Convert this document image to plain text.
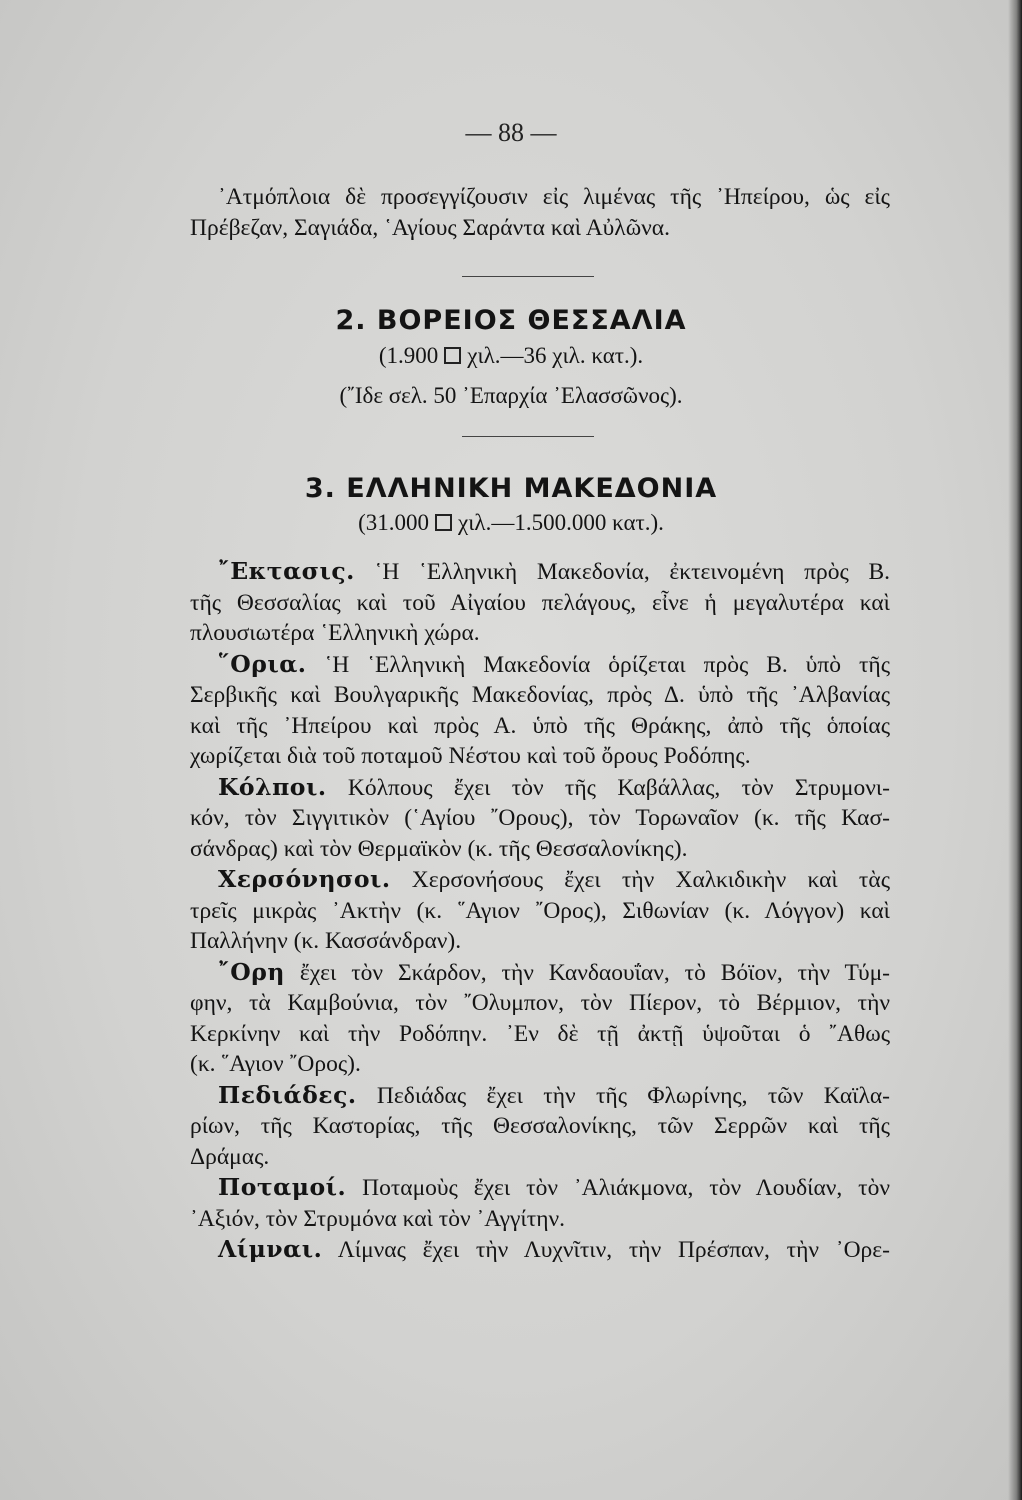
— 88 —
᾿Ατμόπλοια δὲ προσεγγίζουσιν εἰς λιμένας τῆς ᾿Ηπείρου, ὡς εἰς
Πρέβεζαν, Σαγιάδα, ῾Αγίους Σαράντα καὶ Αὐλῶνα.
2. ΒΟΡΕΙΟΣ ΘΕΣΣΑΛΙΑ
(1.900 χιλ.—36 χιλ. κατ.).
(῎Ιδε σελ. 50 ᾿Επαρχία ᾿Ελασσῶνος).
3. ΕΛΛΗΝΙΚΗ ΜΑΚΕΔΟΝΙΑ
(31.000 χιλ.—1.500.000 κατ.).
῎Εκτασις. ῾Η ῾Ελληνικὴ Μακεδονία, ἐκτεινομένη πρὸς Β.
τῆς Θεσσαλίας καὶ τοῦ Αἰγαίου πελάγους, εἶνε ἡ μεγαλυτέρα καὶ
πλουσιωτέρα ῾Ελληνικὴ χώρα.
῞Ορια. ῾Η ῾Ελληνικὴ Μακεδονία ὁρίζεται πρὸς Β. ὑπὸ τῆς
Σερβικῆς καὶ Βουλγαρικῆς Μακεδονίας, πρὸς Δ. ὑπὸ τῆς ᾿Αλβανίας
καὶ τῆς ᾿Ηπείρου καὶ πρὸς Α. ὑπὸ τῆς Θράκης, ἀπὸ τῆς ὁποίας
χωρίζεται διὰ τοῦ ποταμοῦ Νέστου καὶ τοῦ ὄρους Ροδόπης.
Κόλποι. Κόλπους ἔχει τὸν τῆς Καβάλλας, τὸν Στρυμονι-
κόν, τὸν Σιγγιτικὸν (῾Αγίου ῎Ορους), τὸν Τορωναῖον (κ. τῆς Κασ-
σάνδρας) καὶ τὸν Θερμαϊκὸν (κ. τῆς Θεσσαλονίκης).
Χερσόνησοι. Χερσονήσους ἔχει τὴν Χαλκιδικὴν καὶ τὰς
τρεῖς μικρὰς ᾿Ακτὴν (κ. ῞Αγιον ῎Ορος), Σιθωνίαν (κ. Λόγγον) καὶ
Παλλήνην (κ. Κασσάνδραν).
῎Ορη ἔχει τὸν Σκάρδον, τὴν Κανδαουΐαν, τὸ Βόϊον, τὴν Τύμ-
φην, τὰ Καμβούνια, τὸν ῎Ολυμπον, τὸν Πίερον, τὸ Βέρμιον, τὴν
Κερκίνην καὶ τὴν Ροδόπην. ᾿Εν δὲ τῇ ἀκτῇ ὑψοῦται ὁ ῎Αθως
(κ. ῞Αγιον ῎Ορος).
Πεδιάδες. Πεδιάδας ἔχει τὴν τῆς Φλωρίνης, τῶν Καϊλα-
ρίων, τῆς Καστορίας, τῆς Θεσσαλονίκης, τῶν Σερρῶν καὶ τῆς
Δράμας.
Ποταμοί. Ποταμοὺς ἔχει τὸν ᾿Αλιάκμονα, τὸν Λουδίαν, τὸν
᾿Αξιόν, τὸν Στρυμόνα καὶ τὸν ᾿Αγγίτην.
Λίμναι. Λίμνας ἔχει τὴν Λυχνῖτιν, τὴν Πρέσπαν, τὴν ᾿Ορε-
